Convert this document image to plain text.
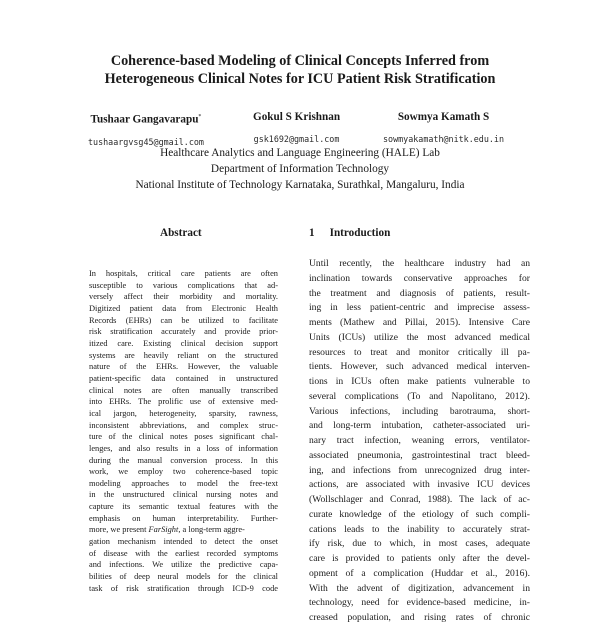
Coherence-based Modeling of Clinical Concepts Inferred from
Heterogeneous Clinical Notes for ICU Patient Risk Stratification
Tushaar Gangavarapu*
tushaargvsg45@gmail.com
Gokul S Krishnan
gsk1692@gmail.com
Sowmya Kamath S
sowmyakamath@nitk.edu.in
Healthcare Analytics and Language Engineering (HALE) Lab
Department of Information Technology
National Institute of Technology Karnataka, Surathkal, Mangaluru, India
Abstract	1 Introduction
In hospitals, critical care patients are often
susceptible to various complications that ad-
versely affect their morbidity and mortality.
Digitized patient data from Electronic Health
Records (EHRs) can be utilized to facilitate
risk stratification accurately and provide prior-
itized care. Existing clinical decision support
systems are heavily reliant on the structured
nature of the EHRs. However, the valuable
patient-specific data contained in unstructured
clinical notes are often manually transcribed
into EHRs. The prolific use of extensive med-
ical jargon, heterogeneity, sparsity, rawness,
inconsistent abbreviations, and complex struc-
ture of the clinical notes poses significant chal-
lenges, and also results in a loss of information
during the manual conversion process. In this
work, we employ two coherence-based topic
modeling approaches to model the free-text
in the unstructured clinical nursing notes and
capture its semantic textual features with the
emphasis on human interpretability. Further-
more, we present FarSight, a long-term aggre-
gation mechanism intended to detect the onset
of disease with the earliest recorded symptoms
and infections. We utilize the predictive capa-
bilities of deep neural models for the clinical
task of risk stratification through ICD-9 code
Until recently, the healthcare industry had an
inclination towards conservative approaches for
the treatment and diagnosis of patients, result-
ing in less patient-centric and imprecise assess-
ments (Mathew and Pillai, 2015). Intensive Care
Units (ICUs) utilize the most advanced medical
resources to treat and monitor critically ill pa-
tients. However, such advanced medical interven-
tions in ICUs often make patients vulnerable to
several complications (To and Napolitano, 2012).
Various infections, including barotrauma, short-
and long-term intubation, catheter-associated uri-
nary tract infection, weaning errors, ventilator-
associated pneumonia, gastrointestinal tract bleed-
ing, and infections from unrecognized drug inter-
actions, are associated with invasive ICU devices
(Wollschlager and Conrad, 1988). The lack of ac-
curate knowledge of the etiology of such compli-
cations leads to the inability to accurately strat-
ify risk, due to which, in most cases, adequate
care is provided to patients only after the devel-
opment of a complication (Huddar et al., 2016).
With the advent of digitization, advancement in
technology, need for evidence-based medicine, in-
creased population, and rising rates of chronic
